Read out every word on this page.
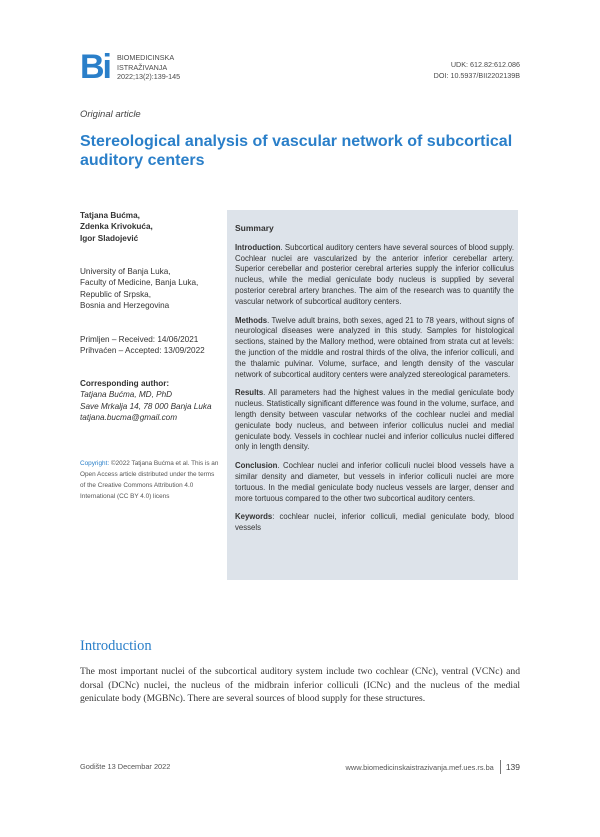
Bi BIOMEDICINSKA
ISTRAŽIVANJA
2022;13(2):139-145
UDK: 612.82:612.086
DOI: 10.5937/BII2202139B
Original article
Stereological analysis of vascular network of subcortical auditory centers
Tatjana Bućma,
Zdenka Krivokuća,
Igor Sladojević
University of Banja Luka,
Faculty of Medicine, Banja Luka,
Republic of Srpska,
Bosnia and Herzegovina
Primljen – Received: 14/06/2021
Prihvaćen – Accepted: 13/09/2022
Corresponding author:
Tatjana Bućma, MD, PhD
Save Mrkalja 14, 78 000 Banja Luka
tatjana.bucma@gmail.com
Copyright: ©2022 Tatjana Bućma et al. This is an Open Access article distributed under the terms of the Creative Commons Attribution 4.0 International (CC BY 4.0) licens
Summary

Introduction. Subcortical auditory centers have several sources of blood supply. Cochlear nuclei are vascularized by the anterior inferior cerebellar artery. Superior cerebellar and posterior cerebral arteries supply the inferior colliculus nucleus, while the medial geniculate body nucleus is supplied by several posterior cerebral artery branches. The aim of the research was to quantify the vascular network of subcortical auditory centers.

Methods. Twelve adult brains, both sexes, aged 21 to 78 years, without signs of neurological diseases were analyzed in this study. Samples for histological sections, stained by the Mallory method, were obtained from strata cut at levels: the junction of the middle and rostral thirds of the oliva, the inferior colliculi, and the thalamic pulvinar. Volume, surface, and length density of the vascular network of subcortical auditory centers were analyzed stereological parameters.

Results. All parameters had the highest values in the medial geniculate body nucleus. Statistically significant difference was found in the volume, surface, and length density between vascular networks of the cochlear nuclei and medial geniculate body nucleus, and between inferior colliculus nuclei and medial geniculate body. Vessels in cochlear nuclei and inferior colliculus nuclei differed only in length density.

Conclusion. Cochlear nuclei and inferior colliculi nuclei blood vessels have a similar density and diameter, but vessels in inferior colliculi nuclei are more tortuous. In the medial geniculate body nucleus vessels are larger, denser and more tortuous compared to the other two subcortical auditory centers.

Keywords: cochlear nuclei, inferior colliculi, medial geniculate body, blood vessels

Introduction
The most important nuclei of the subcortical auditory system include two cochlear (CNc), ventral (VCNc) and dorsal (DCNc) nuclei, the nucleus of the midbrain inferior colliculi (ICNc) and the nucleus of the medial geniculate body (MGBNc). There are several sources of blood supply for these structures.
Godište 13 Decembar 2022	www.biomedicinskaistrazivanja.mef.ues.rs.ba 139
